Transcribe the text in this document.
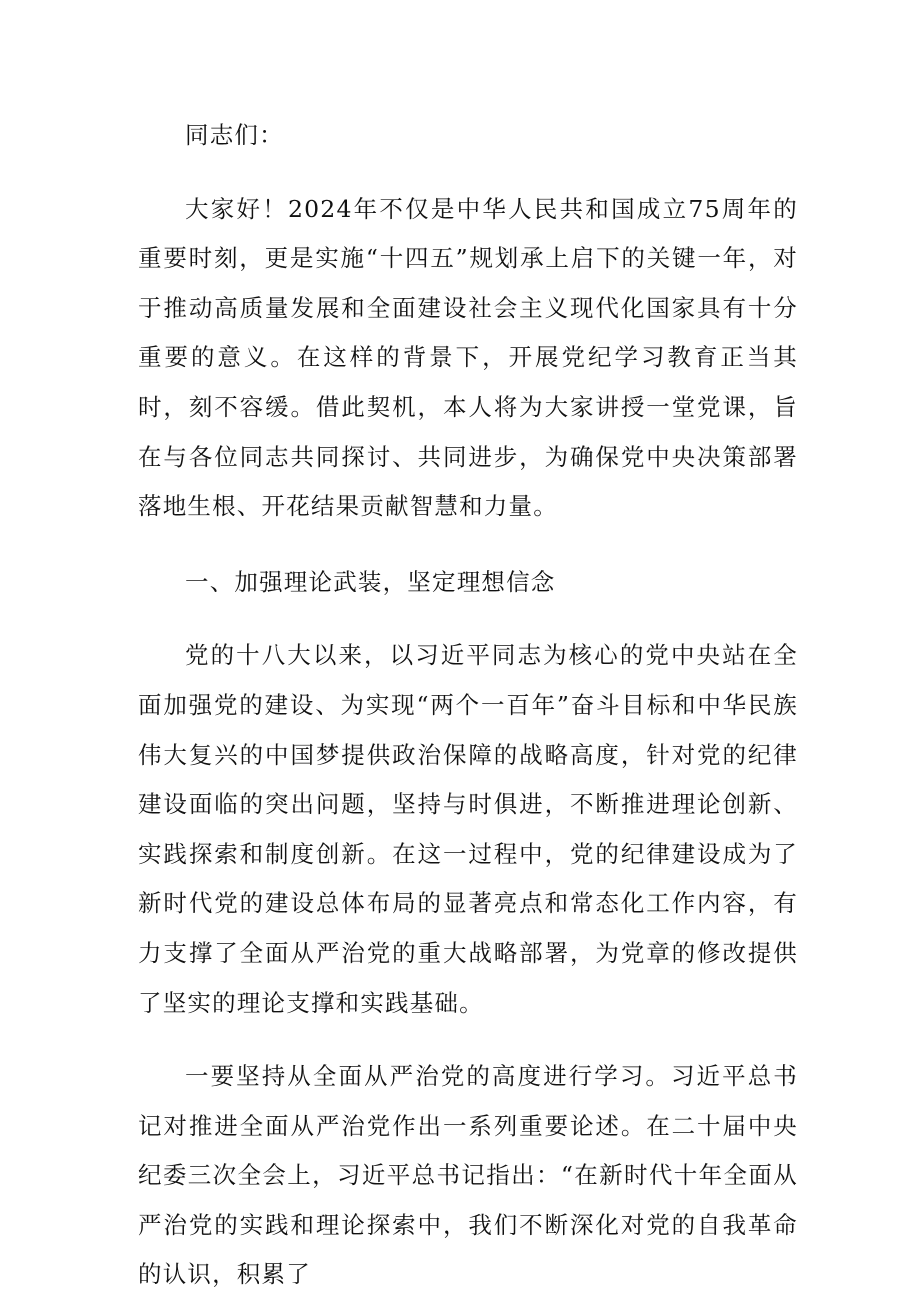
同志们：

大家好！2024年不仅是中华人民共和国成立75周年的重要时刻，更是实施“十四五”规划承上启下的关键一年，对于推动高质量发展和全面建设社会主义现代化国家具有十分重要的意义。在这样的背景下，开展党纪学习教育正当其时，刻不容缓。借此契机，本人将为大家讲授一堂党课，旨在与各位同志共同探讨、共同进步，为确保党中央决策部署落地生根、开花结果贡献智慧和力量。

一、加强理论武装，坚定理想信念

党的十八大以来，以习近平同志为核心的党中央站在全面加强党的建设、为实现“两个一百年”奋斗目标和中华民族伟大复兴的中国梦提供政治保障的战略高度，针对党的纪律建设面临的突出问题，坚持与时俱进，不断推进理论创新、实践探索和制度创新。在这一过程中，党的纪律建设成为了新时代党的建设总体布局的显著亮点和常态化工作内容，有力支撑了全面从严治党的重大战略部署，为党章的修改提供了坚实的理论支撑和实践基础。

一要坚持从全面从严治党的高度进行学习。习近平总书记对推进全面从严治党作出一系列重要论述。在二十届中央纪委三次全会上，习近平总书记指出：“在新时代十年全面从严治党的实践和理论探索中，我们不断深化对党的自我革命的认识，积累了
